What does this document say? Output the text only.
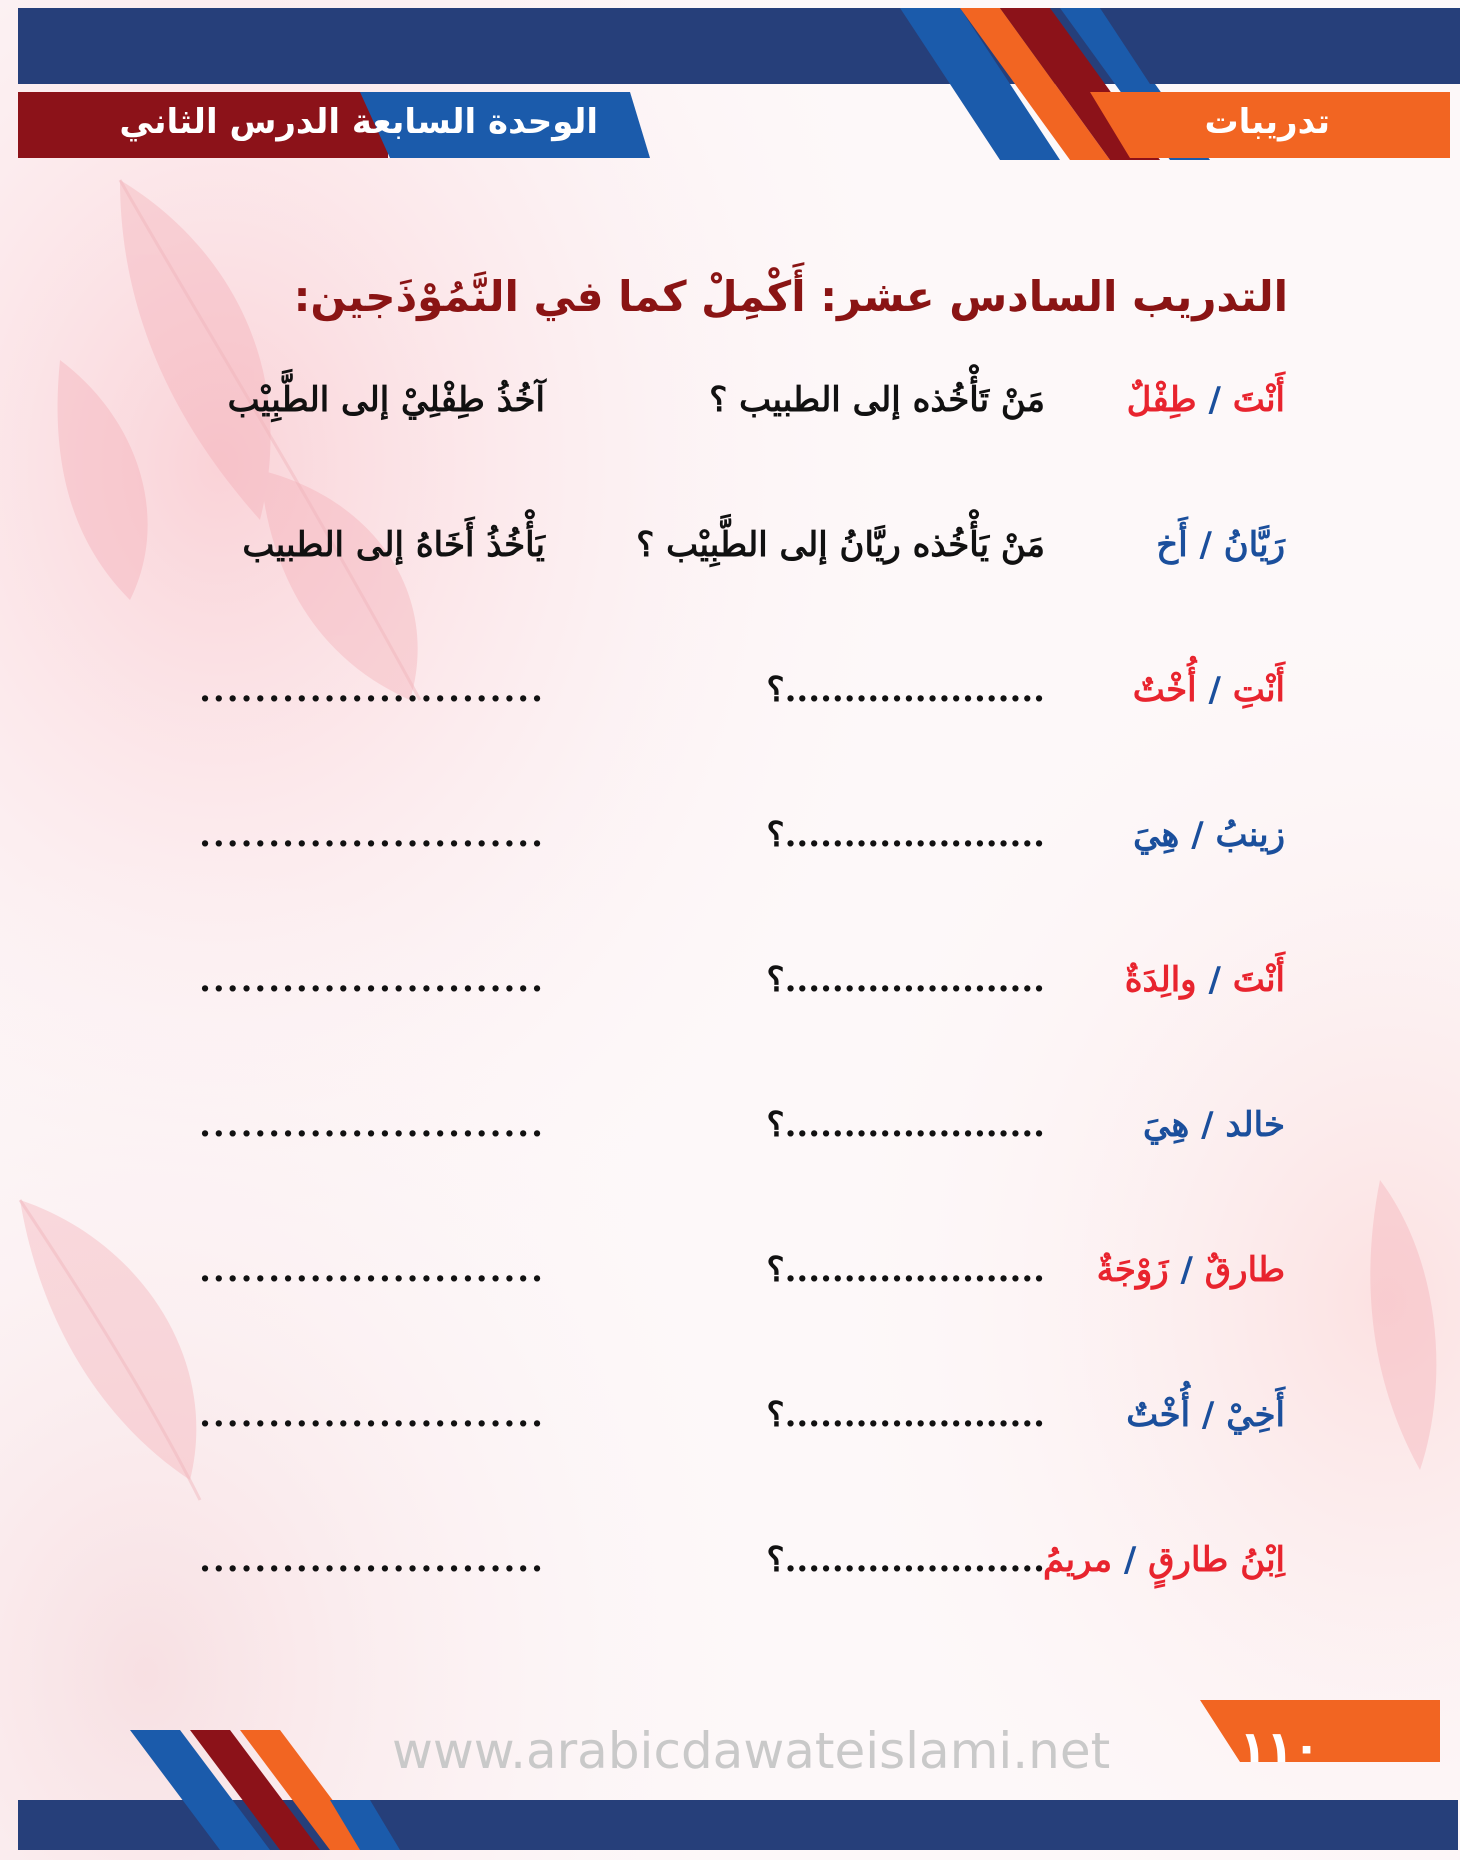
تدريبات
الوحدة السابعة
الدرس الثاني
التدريب السادس عشر: أَكْمِلْ كما في النَّمُوْذَجين:
أَنْتَ / طِفْلٌ
مَنْ تَأْخُذه إلى الطبيب ؟
آخُذُ طِفْلِيْ إلى الطَّبِيْب
رَيَّانُ / أَخ
مَنْ يَأْخُذه ريَّانُ إلى الطَّبِيْب ؟
يَأْخُذُ أَخَاهُ إلى الطبيب
أَنْتِ / أُخْتٌ
......................؟
.........................
زينبُ / هِيَ
......................؟
.........................
أَنْتَ / والِدَةٌ
......................؟
.........................
خالد / هِيَ
......................؟
.........................
طارقٌ / زَوْجَةٌ
......................؟
.........................
أَخِيْ / أُخْتٌ
......................؟
.........................
اِبْنُ طارقٍ / مريمُ
......................؟
.........................
www.arabicdawateislami.net	١١٠
